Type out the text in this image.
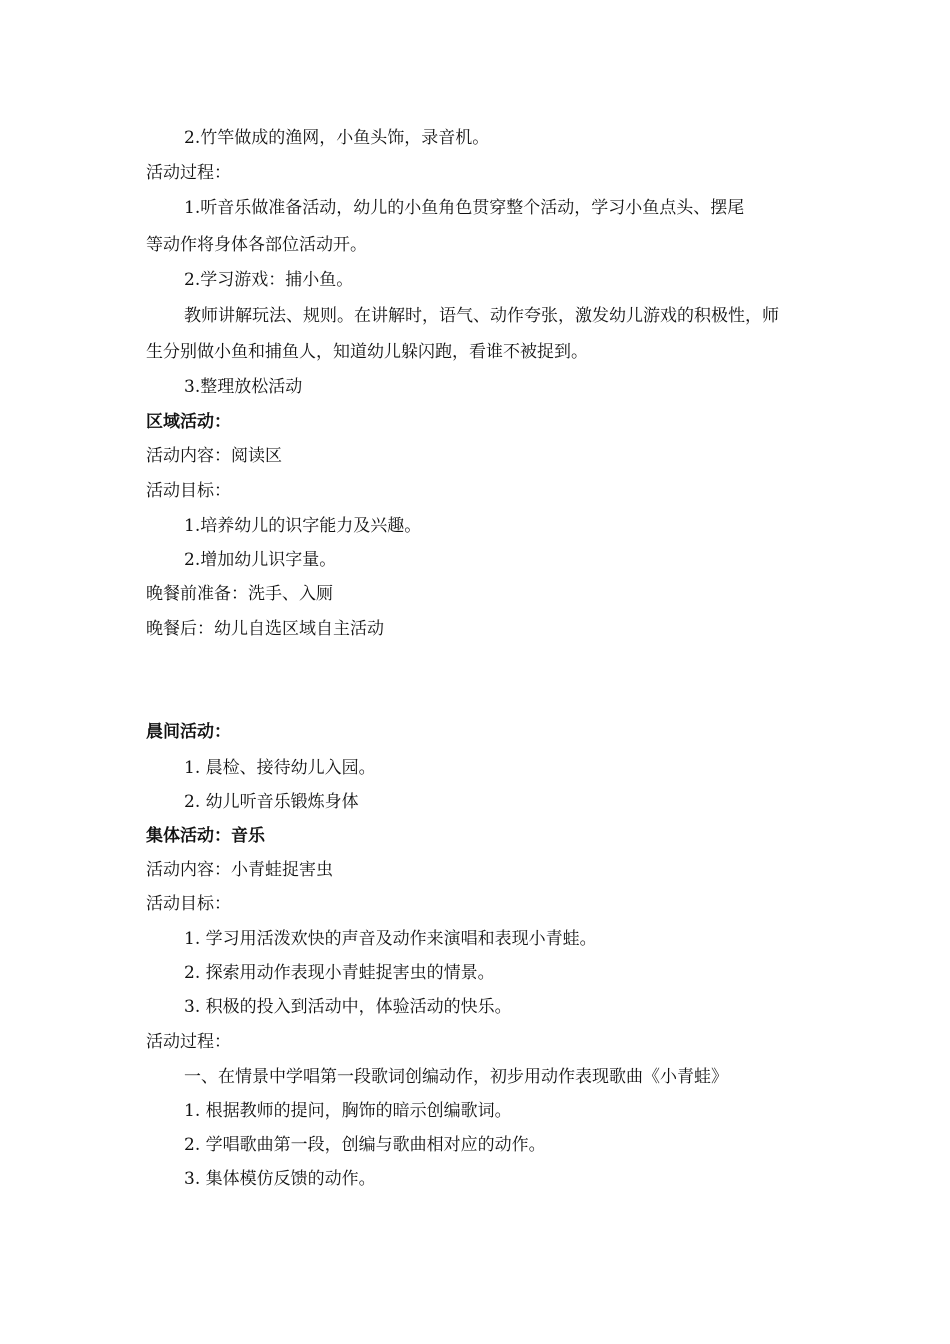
2.竹竿做成的渔网，小鱼头饰，录音机。
活动过程：
1.听音乐做准备活动，幼儿的小鱼角色贯穿整个活动，学习小鱼点头、摆尾
等动作将身体各部位活动开。
2.学习游戏：捕小鱼。
教师讲解玩法、规则。在讲解时，语气、动作夸张，激发幼儿游戏的积极性，师
生分别做小鱼和捕鱼人，知道幼儿躲闪跑，看谁不被捉到。
3.整理放松活动
区域活动：
活动内容：阅读区
活动目标：
1.培养幼儿的识字能力及兴趣。
2.增加幼儿识字量。
晚餐前准备：洗手、入厕
晚餐后：幼儿自选区域自主活动
晨间活动：
1. 晨检、接待幼儿入园。
2. 幼儿听音乐锻炼身体
集体活动：音乐
活动内容：小青蛙捉害虫
活动目标：
1. 学习用活泼欢快的声音及动作来演唱和表现小青蛙。
2. 探索用动作表现小青蛙捉害虫的情景。
3. 积极的投入到活动中，体验活动的快乐。
活动过程：
一、在情景中学唱第一段歌词创编动作，初步用动作表现歌曲《小青蛙》
1. 根据教师的提问，胸饰的暗示创编歌词。
2. 学唱歌曲第一段，创编与歌曲相对应的动作。
3. 集体模仿反馈的动作。
